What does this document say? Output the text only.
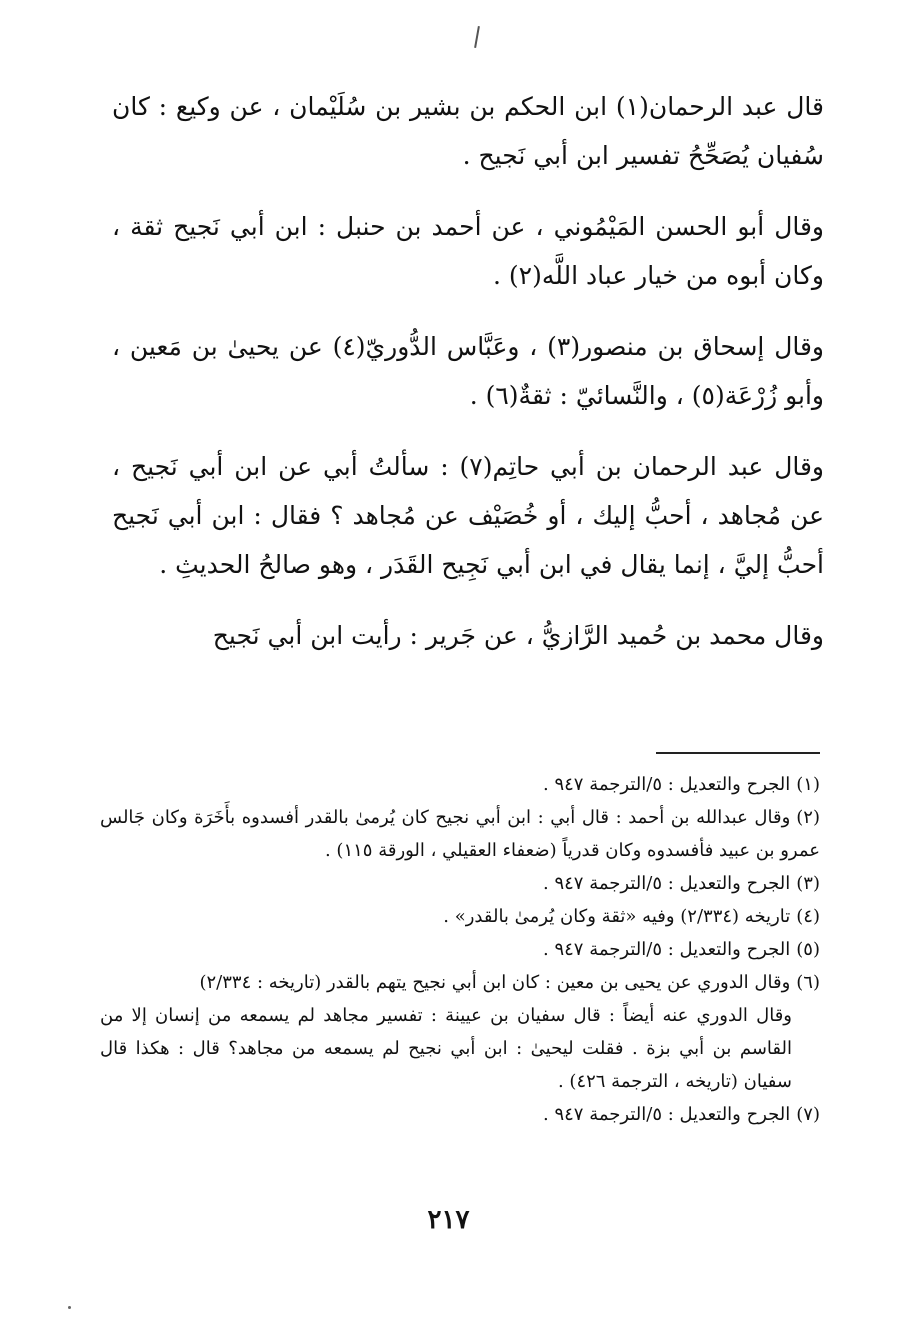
قال عبد الرحمان(١) ابن الحكم بن بشير بن سُلَيْمان ، عن وكيع : كان سُفيان يُصَحِّحُ تفسير ابن أبي نَجيح .

وقال أبو الحسن المَيْمُوني ، عن أحمد بن حنبل : ابن أبي نَجيح ثقة ، وكان أبوه من خيار عباد اللَّه(٢) .

وقال إسحاق بن منصور(٣) ، وعَبَّاس الدُّوريّ(٤) عن يحيىٰ بن مَعين ، وأبو زُرْعَة(٥) ، والنَّسائيّ : ثقةٌ(٦) .

وقال عبد الرحمان بن أبي حاتِم(٧) : سألتُ أبي عن ابن أبي نَجيح ، عن مُجاهد ، أحبُّ إليك ، أو خُصَيْف عن مُجاهد ؟ فقال : ابن أبي نَجيح أحبُّ إليَّ ، إنما يقال في ابن أبي نَجِيح القَدَر ، وهو صالحُ الحديثِ .

وقال محمد بن حُميد الرَّازيُّ ، عن جَرير : رأيت ابن أبي نَجيح

(١)الجرح والتعديل : ٥/الترجمة ٩٤٧ .

(٢)وقال عبدالله بن أحمد : قال أبي : ابن أبي نجيح كان يُرمىٰ بالقدر أفسدوه بأَخَرَة وكان جَالس عمرو بن عبيد فأفسدوه وكان قدرياً (ضعفاء العقيلي ، الورقة ١١٥) .

(٣)الجرح والتعديل : ٥/الترجمة ٩٤٧ .

(٤)تاريخه (٢/٣٣٤) وفيه «ثقة وكان يُرمىٰ بالقدر» .

(٥)الجرح والتعديل : ٥/الترجمة ٩٤٧ .

(٦)وقال الدوري عن يحيى بن معين : كان ابن أبي نجيح يتهم بالقدر (تاريخه : ٢/٣٣٤)

وقال الدوري عنه أيضاً : قال سفيان بن عيينة : تفسير مجاهد لم يسمعه من إنسان إلا من القاسم بن أبي بزة . فقلت ليحيىٰ : ابن أبي نجيح لم يسمعه من مجاهد؟ قال : هكذا قال سفيان (تاريخه ، الترجمة ٤٢٦) .

(٧)الجرح والتعديل : ٥/الترجمة ٩٤٧ .

٢١٧
